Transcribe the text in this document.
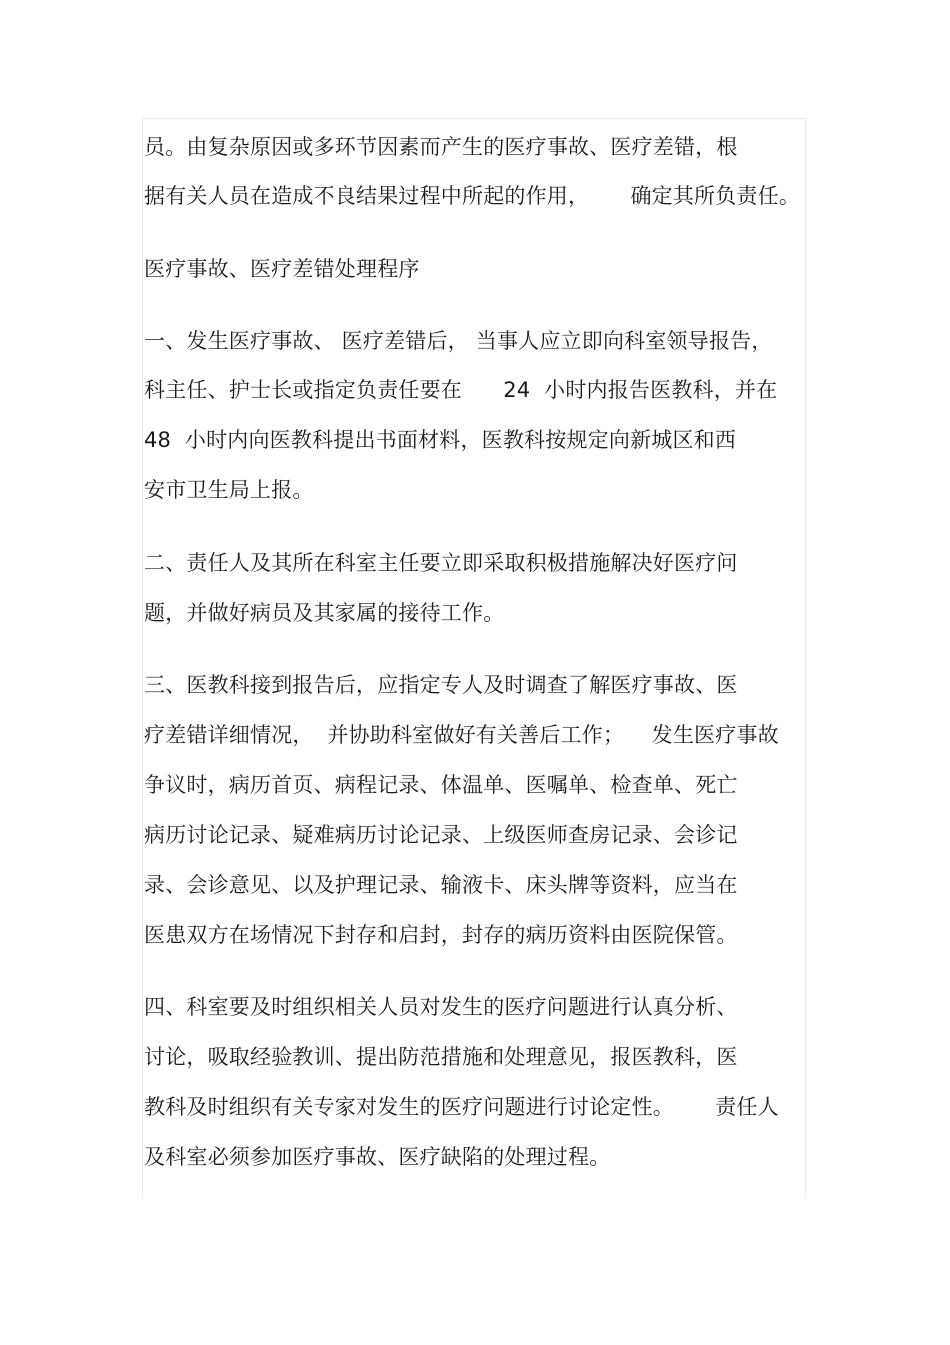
员。由复杂原因或多环节因素而产生的医疗事故、医疗差错，根
据有关人员在造成不良结果过程中所起的作用，      确定其所负责任。
医疗事故、医疗差错处理程序
一、发生医疗事故、 医疗差错后， 当事人应立即向科室领导报告，
科主任、护士长或指定负责任要在      24  小时内报告医教科，并在
48  小时内向医教科提出书面材料，医教科按规定向新城区和西
安市卫生局上报。
二、责任人及其所在科室主任要立即采取积极措施解决好医疗问
题，并做好病员及其家属的接待工作。
三、医教科接到报告后，应指定专人及时调查了解医疗事故、医
疗差错详细情况，  并协助科室做好有关善后工作；    发生医疗事故
争议时，病历首页、病程记录、体温单、医嘱单、检查单、死亡
病历讨论记录、疑难病历讨论记录、上级医师查房记录、会诊记
录、会诊意见、以及护理记录、输液卡、床头牌等资料，应当在
医患双方在场情况下封存和启封，封存的病历资料由医院保管。
四、科室要及时组织相关人员对发生的医疗问题进行认真分析、
讨论，吸取经验教训、提出防范措施和处理意见，报医教科，医
教科及时组织有关专家对发生的医疗问题进行讨论定性。      责任人
及科室必须参加医疗事故、医疗缺陷的处理过程。
